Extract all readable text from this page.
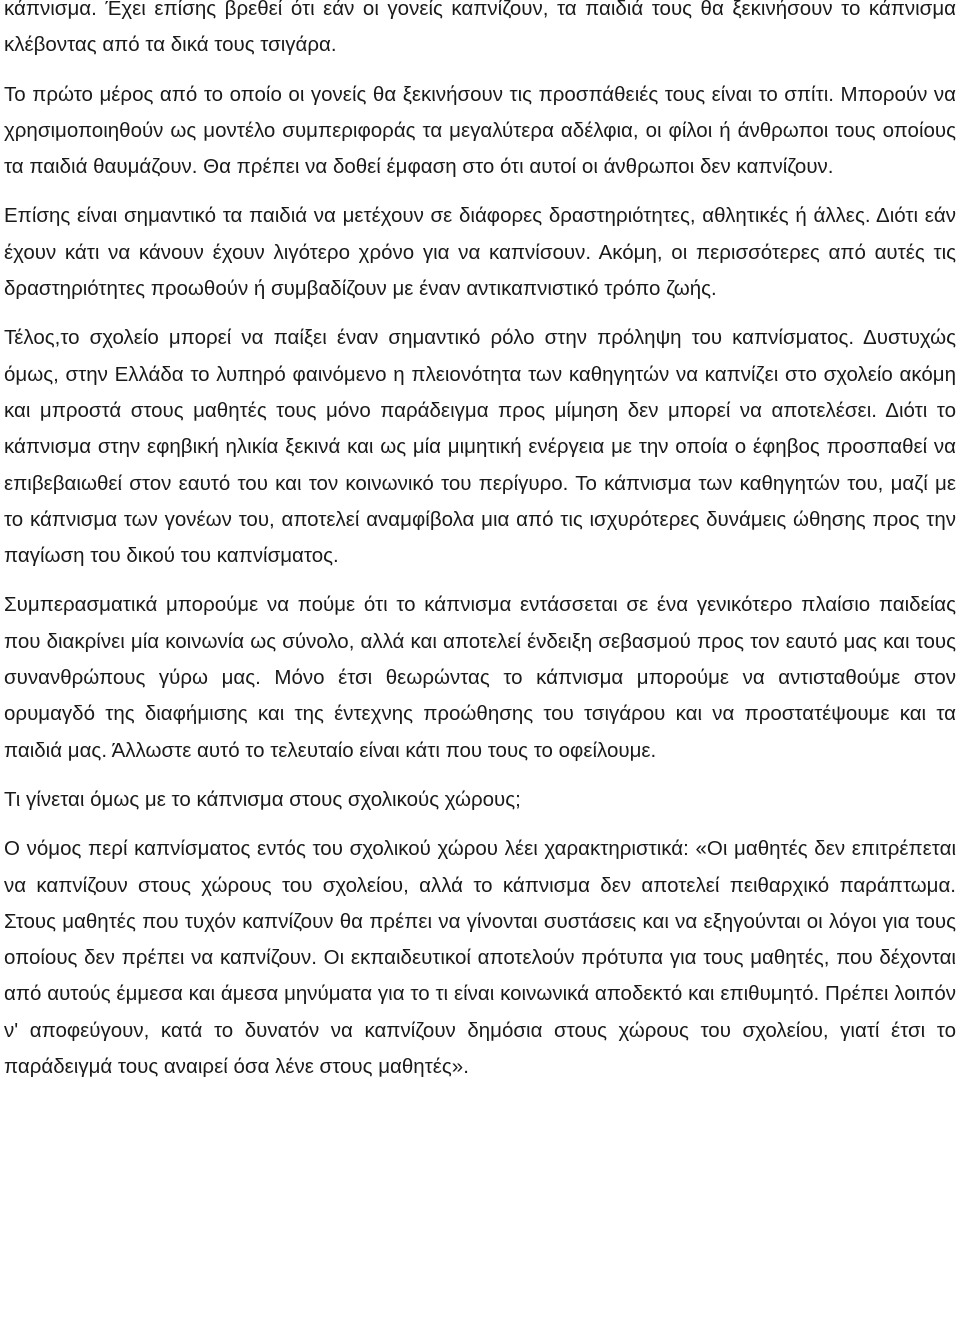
κάπνισμα. Έχει επίσης βρεθεί ότι εάν οι γονείς καπνίζουν, τα παιδιά τους θα ξεκινήσουν το κάπνισμα κλέβοντας από τα δικά τους τσιγάρα.

Το πρώτο μέρος από το οποίο οι γονείς θα ξεκινήσουν τις προσπάθειές τους είναι το σπίτι. Μπορούν να χρησιμοποιηθούν ως μοντέλο συμπεριφοράς τα μεγαλύτερα αδέλφια, οι φίλοι ή άνθρωποι τους οποίους τα παιδιά θαυμάζουν. Θα πρέπει να δοθεί έμφαση στο ότι αυτοί οι άνθρωποι δεν καπνίζουν.

Επίσης είναι σημαντικό τα παιδιά να μετέχουν σε διάφορες δραστηριότητες, αθλητικές ή άλλες. Διότι εάν έχουν κάτι να κάνουν έχουν λιγότερο χρόνο για να καπνίσουν. Ακόμη, οι περισσότερες από αυτές τις δραστηριότητες προωθούν ή συμβαδίζουν με έναν αντικαπνιστικό τρόπο ζωής.

Τέλος,το σχολείο μπορεί να παίξει έναν σημαντικό ρόλο στην πρόληψη του καπνίσματος. Δυστυχώς όμως, στην Ελλάδα το λυπηρό φαινόμενο η πλειονότητα των καθηγητών να καπνίζει στο σχολείο ακόμη και μπροστά στους μαθητές τους μόνο παράδειγμα προς μίμηση δεν μπορεί να αποτελέσει. Διότι το κάπνισμα στην εφηβική ηλικία ξεκινά και ως μία μιμητική ενέργεια με την οποία ο έφηβος προσπαθεί να επιβεβαιωθεί στον εαυτό του και τον κοινωνικό του περίγυρο. Το κάπνισμα των καθηγητών του, μαζί με το κάπνισμα των γονέων του, αποτελεί αναμφίβολα μια από τις ισχυρότερες δυνάμεις ώθησης προς την παγίωση του δικού του καπνίσματος.

Συμπερασματικά μπορούμε να πούμε ότι το κάπνισμα εντάσσεται σε ένα γενικότερο πλαίσιο παιδείας που διακρίνει μία κοινωνία ως σύνολο, αλλά και αποτελεί ένδειξη σεβασμού προς τον εαυτό μας και τους συνανθρώπους γύρω μας. Μόνο έτσι θεωρώντας το κάπνισμα μπορούμε να αντισταθούμε στον ορυμαγδό της διαφήμισης και της έντεχνης προώθησης του τσιγάρου και να προστατέψουμε και τα παιδιά μας. Άλλωστε αυτό το τελευταίο είναι κάτι που τους το οφείλουμε.

Τι γίνεται όμως με το κάπνισμα στους σχολικούς χώρους;

Ο νόμος περί καπνίσματος εντός του σχολικού χώρου λέει χαρακτηριστικά: «Οι μαθητές δεν επιτρέπεται να καπνίζουν στους χώρους του σχολείου, αλλά το κάπνισμα δεν αποτελεί πειθαρχικό παράπτωμα. Στους μαθητές που τυχόν καπνίζουν θα πρέπει να γίνονται συστάσεις και να εξηγούνται οι λόγοι για τους οποίους δεν πρέπει να καπνίζουν. Οι εκπαιδευτικοί αποτελούν πρότυπα για τους μαθητές, που δέχονται από αυτούς έμμεσα και άμεσα μηνύματα για το τι είναι κοινωνικά αποδεκτό και επιθυμητό. Πρέπει λοιπόν ν' αποφεύγουν, κατά το δυνατόν να καπνίζουν δημόσια στους χώρους του σχολείου, γιατί έτσι το παράδειγμά τους αναιρεί όσα λένε στους μαθητές».
